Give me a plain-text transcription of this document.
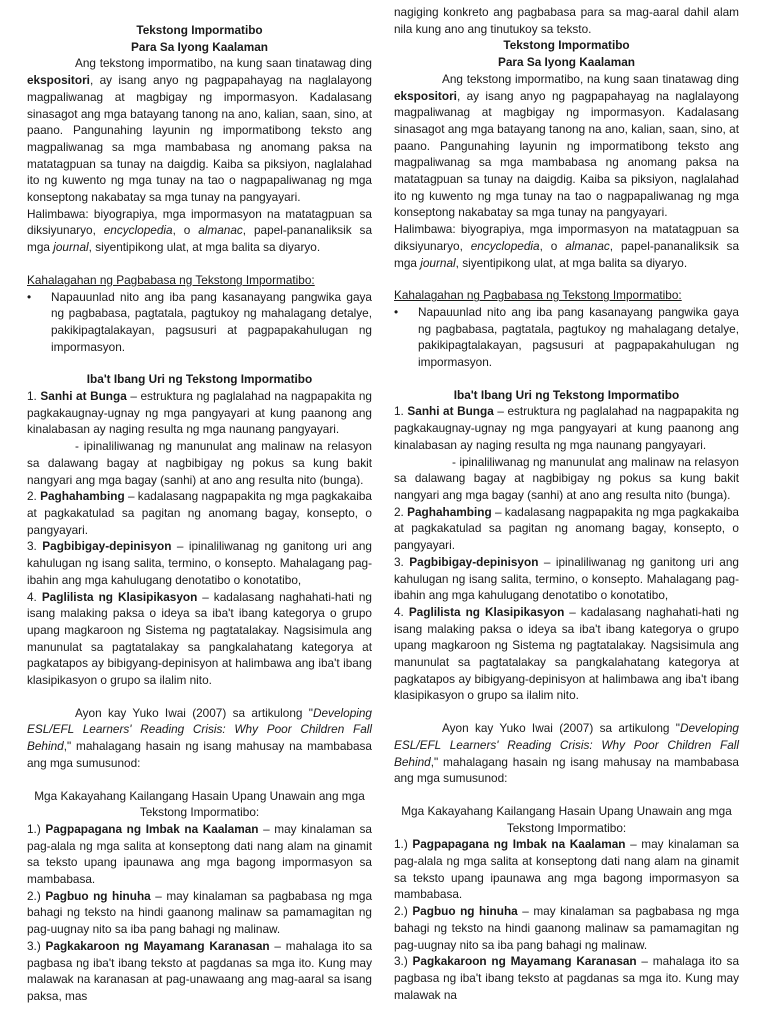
Tekstong Impormatibo

Para Sa Iyong Kaalaman

Ang tekstong impormatibo, na kung saan tinatawag ding ekspositori, ay isang anyo ng pagpapahayag na naglalayong magpaliwanag at magbigay ng impormasyon. Kadalasang sinasagot ang mga batayang tanong na ano, kalian, saan, sino, at paano. Pangunahing layunin ng impormatibong teksto ang magpaliwanag sa mga mambabasa ng anomang paksa na matatagpuan sa tunay na daigdig. Kaiba sa piksiyon, naglalahad ito ng kuwento ng mga tunay na tao o nagpapaliwanag ng mga konseptong nakabatay sa mga tunay na pangyayari.

Halimbawa: biyograpiya, mga impormasyon na matatagpuan sa diksiyunaryo, encyclopedia, o almanac, papel-pananaliksik sa mga journal, siyentipikong ulat, at mga balita sa diyaryo.

Kahalagahan ng Pagbabasa ng Tekstong Impormatibo:

•	Napauunlad nito ang iba pang kasanayang pangwika gaya ng pagbabasa, pagtatala, pagtukoy ng mahalagang detalye, pakikipagtalakayan, pagsusuri at pagpapakahulugan ng impormasyon.

Iba't Ibang Uri ng Tekstong Impormatibo

1. Sanhi at Bunga – estruktura ng paglalahad na nagpapakita ng pagkakaugnay-ugnay ng mga pangyayari at kung paanong ang kinalabasan ay naging resulta ng mga naunang pangyayari.

- ipinaliliwanag ng manunulat ang malinaw na relasyon sa dalawang bagay at nagbibigay ng pokus sa kung bakit nangyari ang mga bagay (sanhi) at ano ang resulta nito (bunga).

2. Paghahambing – kadalasang nagpapakita ng mga pagkakaiba at pagkakatulad sa pagitan ng anomang bagay, konsepto, o pangyayari.

3. Pagbibigay-depinisyon – ipinaliliwanag ng ganitong uri ang kahulugan ng isang salita, termino, o konsepto. Mahalagang pag-ibahin ang mga kahulugang denotatibo o konotatibo,

4. Paglilista ng Klasipikasyon – kadalasang naghahati-hati ng isang malaking paksa o ideya sa iba't ibang kategorya o grupo upang magkaroon ng Sistema ng pagtatalakay. Nagsisimula ang manunulat sa pagtatalakay sa pangkalahatang kategorya at pagkatapos ay bibigyang-depinisyon at halimbawa ang iba't ibang klasipikasyon o grupo sa ilalim nito.

Ayon kay Yuko Iwai (2007) sa artikulong "Developing ESL/EFL Learners' Reading Crisis: Why Poor Children Fall Behind," mahalagang hasain ng isang mahusay na mambabasa ang mga sumusunod:

Mga Kakayahang Kailangang Hasain Upang Unawain ang mga Tekstong Impormatibo:

1.) Pagpapagana ng Imbak na Kaalaman – may kinalaman sa pag-alala ng mga salita at konseptong dati nang alam na ginamit sa teksto upang ipaunawa ang mga bagong impormasyon sa mambabasa.

2.) Pagbuo ng hinuha – may kinalaman sa pagbabasa ng mga bahagi ng teksto na hindi gaanong malinaw sa pamamagitan ng pag-uugnay nito sa iba pang bahagi ng malinaw.

3.) Pagkakaroon ng Mayamang Karanasan – mahalaga ito sa pagbasa ng iba't ibang teksto at pagdanas sa mga ito. Kung may malawak na karanasan at pag-unawaang ang mag-aaral sa isang paksa, mas

nagiging konkreto ang pagbabasa para sa mag-aaral dahil alam nila kung ano ang tinutukoy sa teksto.

Tekstong Impormatibo

Para Sa Iyong Kaalaman

Ang tekstong impormatibo, na kung saan tinatawag ding ekspositori, ay isang anyo ng pagpapahayag na naglalayong magpaliwanag at magbigay ng impormasyon. Kadalasang sinasagot ang mga batayang tanong na ano, kalian, saan, sino, at paano. Pangunahing layunin ng impormatibong teksto ang magpaliwanag sa mga mambabasa ng anomang paksa na matatagpuan sa tunay na daigdig. Kaiba sa piksiyon, naglalahad ito ng kuwento ng mga tunay na tao o nagpapaliwanag ng mga konseptong nakabatay sa mga tunay na pangyayari.

Halimbawa: biyograpiya, mga impormasyon na matatagpuan sa diksiyunaryo, encyclopedia, o almanac, papel-pananaliksik sa mga journal, siyentipikong ulat, at mga balita sa diyaryo.

Kahalagahan ng Pagbabasa ng Tekstong Impormatibo:

•	Napauunlad nito ang iba pang kasanayang pangwika gaya ng pagbabasa, pagtatala, pagtukoy ng mahalagang detalye, pakikipagtalakayan, pagsusuri at pagpapakahulugan ng impormasyon.

Iba't Ibang Uri ng Tekstong Impormatibo

1. Sanhi at Bunga – estruktura ng paglalahad na nagpapakita ng pagkakaugnay-ugnay ng mga pangyayari at kung paanong ang kinalabasan ay naging resulta ng mga naunang pangyayari.

- ipinaliliwanag ng manunulat ang malinaw na relasyon sa dalawang bagay at nagbibigay ng pokus sa kung bakit nangyari ang mga bagay (sanhi) at ano ang resulta nito (bunga).

2. Paghahambing – kadalasang nagpapakita ng mga pagkakaiba at pagkakatulad sa pagitan ng anomang bagay, konsepto, o pangyayari.

3. Pagbibigay-depinisyon – ipinaliliwanag ng ganitong uri ang kahulugan ng isang salita, termino, o konsepto. Mahalagang pag-ibahin ang mga kahulugang denotatibo o konotatibo,

4. Paglilista ng Klasipikasyon – kadalasang naghahati-hati ng isang malaking paksa o ideya sa iba't ibang kategorya o grupo upang magkaroon ng Sistema ng pagtatalakay. Nagsisimula ang manunulat sa pagtatalakay sa pangkalahatang kategorya at pagkatapos ay bibigyang-depinisyon at halimbawa ang iba't ibang klasipikasyon o grupo sa ilalim nito.

Ayon kay Yuko Iwai (2007) sa artikulong "Developing ESL/EFL Learners' Reading Crisis: Why Poor Children Fall Behind," mahalagang hasain ng isang mahusay na mambabasa ang mga sumusunod:

Mga Kakayahang Kailangang Hasain Upang Unawain ang mga Tekstong Impormatibo:

1.) Pagpapagana ng Imbak na Kaalaman – may kinalaman sa pag-alala ng mga salita at konseptong dati nang alam na ginamit sa teksto upang ipaunawa ang mga bagong impormasyon sa mambabasa.

2.) Pagbuo ng hinuha – may kinalaman sa pagbabasa ng mga bahagi ng teksto na hindi gaanong malinaw sa pamamagitan ng pag-uugnay nito sa iba pang bahagi ng malinaw.

3.) Pagkakaroon ng Mayamang Karanasan – mahalaga ito sa pagbasa ng iba't ibang teksto at pagdanas sa mga ito. Kung may malawak na
